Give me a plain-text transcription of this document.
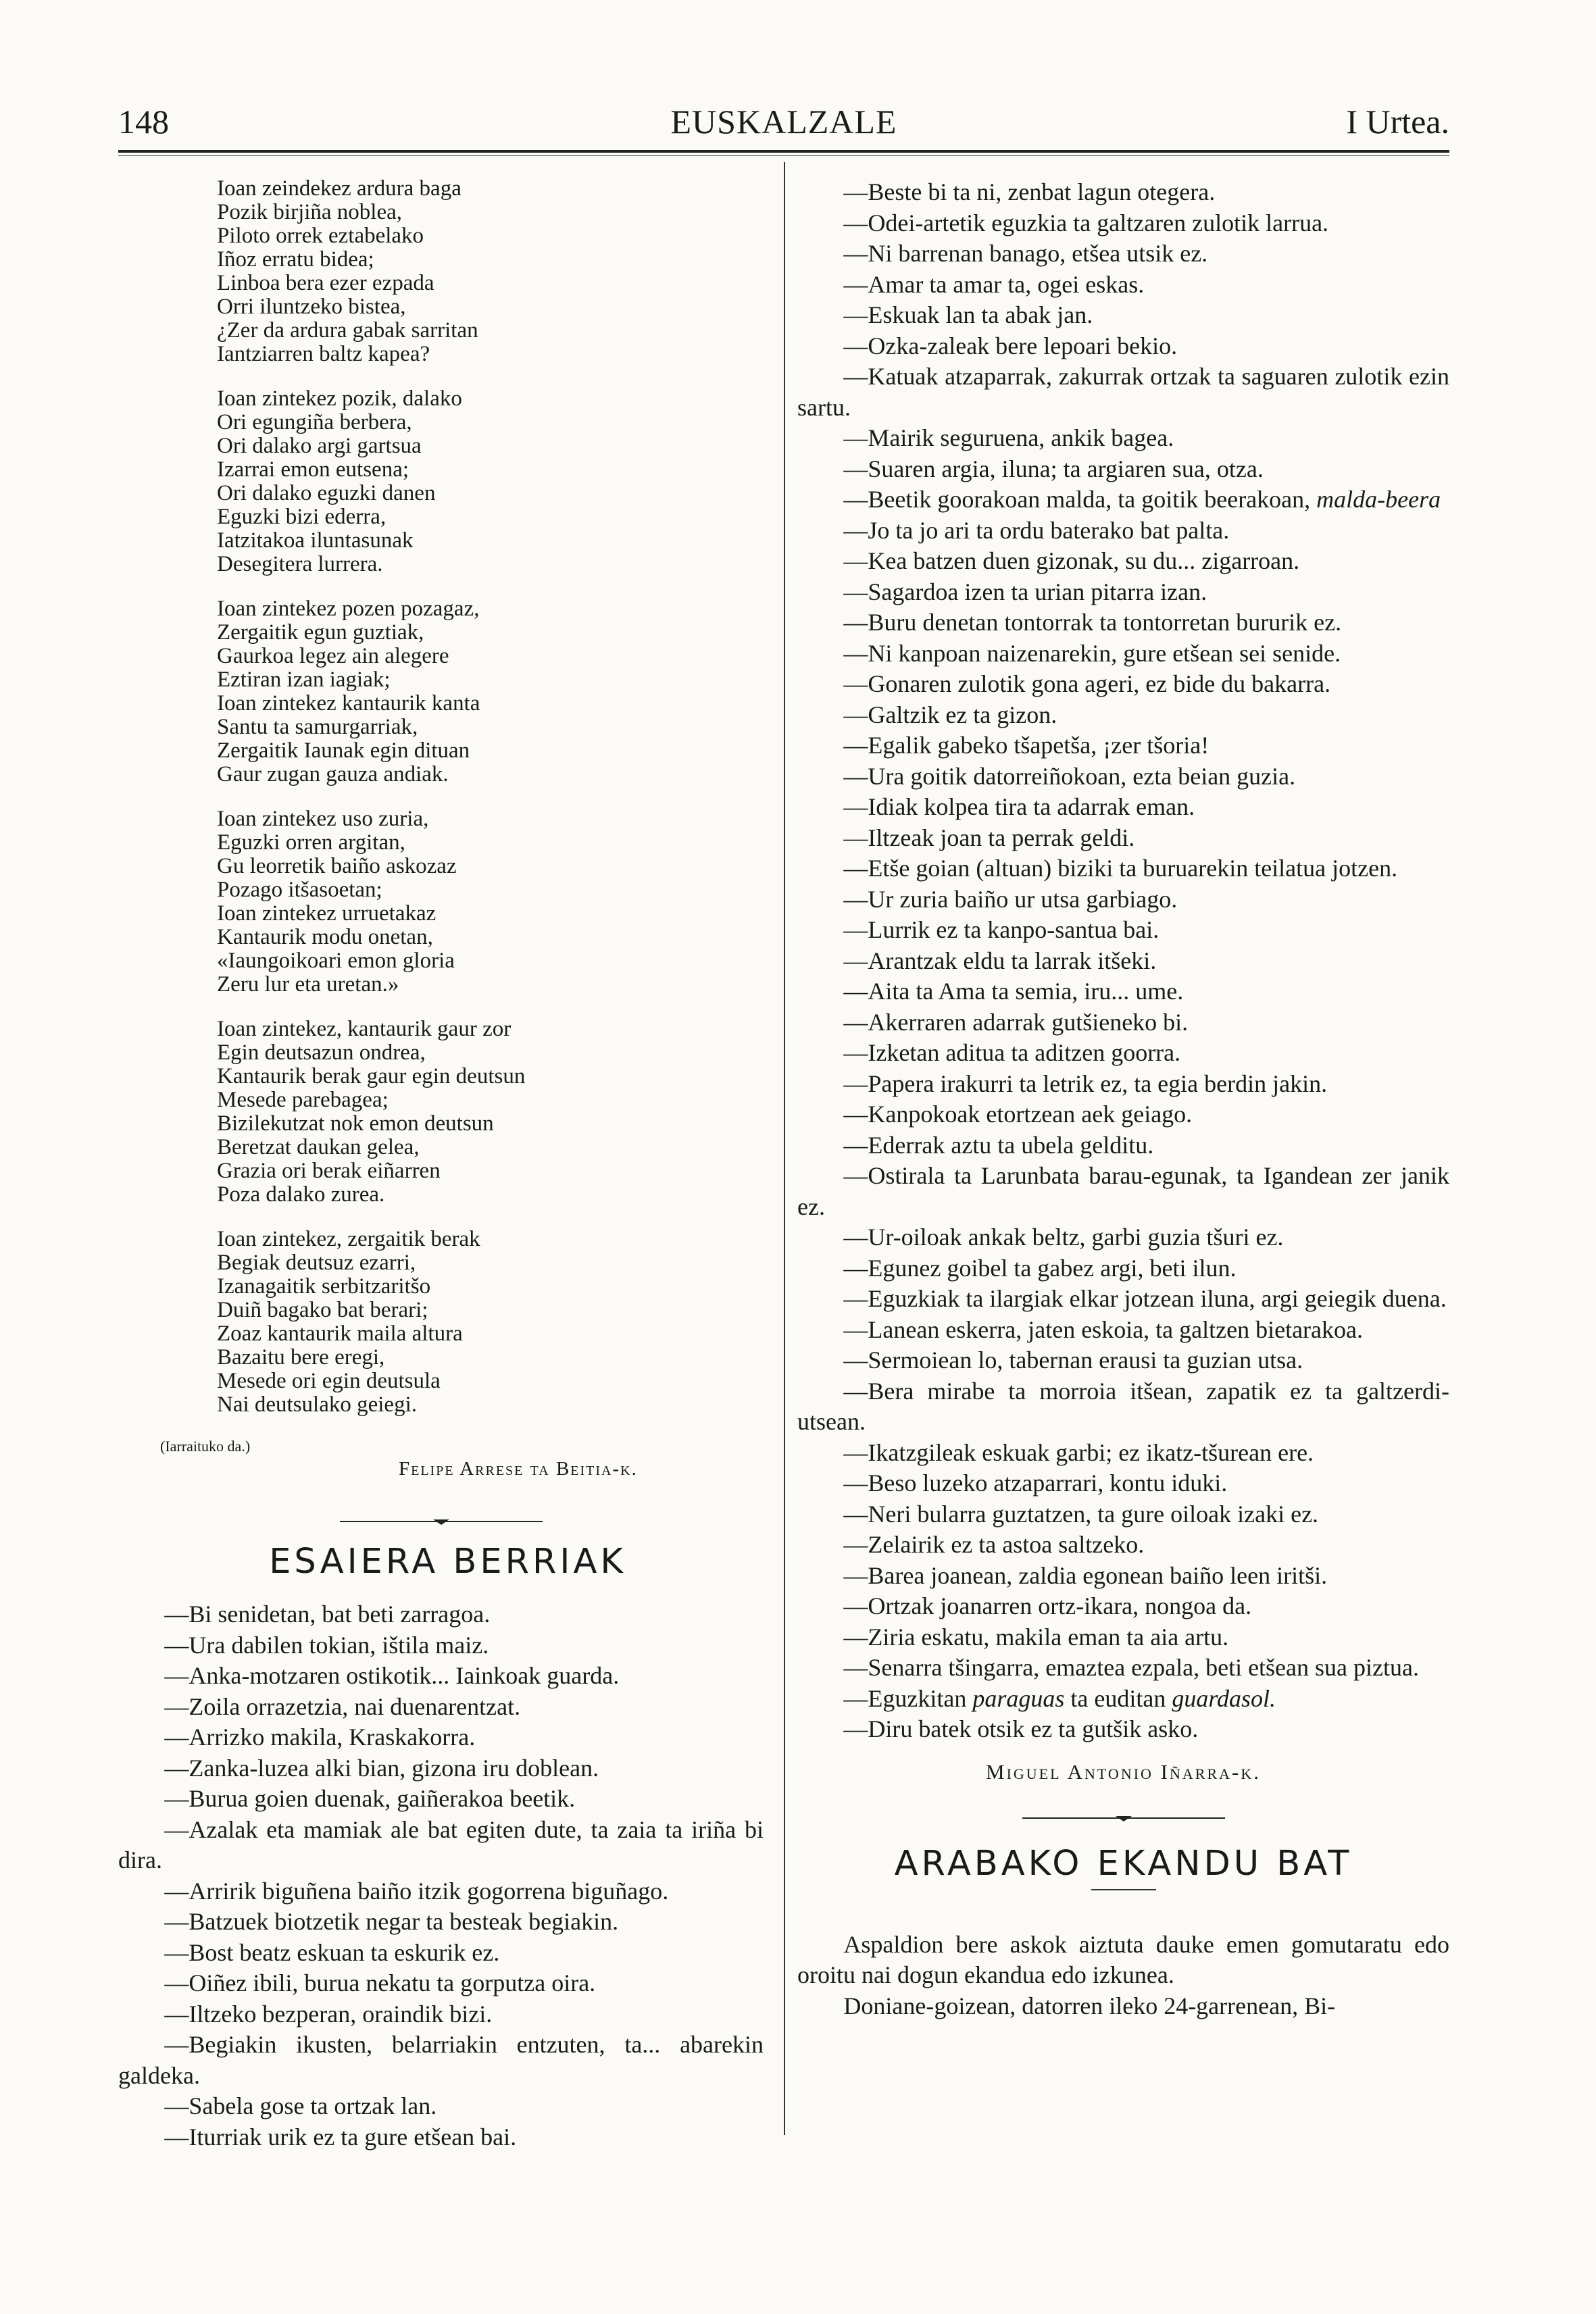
148	EUSKALZALE	I Urtea.
Ioan zeindekez ardura baga
Pozik birjiña noblea,
Piloto orrek eztabelako
Iñoz erratu bidea;
Linboa bera ezer ezpada
Orri iluntzeko bistea,
¿Zer da ardura gabak sarritan
Iantziarren baltz kapea?
Ioan zintekez pozik, dalako
Ori egungiña berbera,
Ori dalako argi gartsua
Izarrai emon eutsena;
Ori dalako eguzki danen
Eguzki bizi ederra,
Iatzitakoa iluntasunak
Desegitera lurrera.
Ioan zintekez pozen pozagaz,
Zergaitik egun guztiak,
Gaurkoa legez ain alegere
Eztiran izan iagiak;
Ioan zintekez kantaurik kanta
Santu ta samurgarriak,
Zergaitik Iaunak egin dituan
Gaur zugan gauza andiak.
Ioan zintekez uso zuria,
Eguzki orren argitan,
Gu leorretik baiño askozaz
Pozago itšasoetan;
Ioan zintekez urruetakaz
Kantaurik modu onetan,
«Iaungoikoari emon gloria
Zeru lur eta uretan.»
Ioan zintekez, kantaurik gaur zor
Egin deutsazun ondrea,
Kantaurik berak gaur egin deutsun
Mesede parebagea;
Bizilekutzat nok emon deutsun
Beretzat daukan gelea,
Grazia ori berak eiñarren
Poza dalako zurea.
Ioan zintekez, zergaitik berak
Begiak deutsuz ezarri,
Izanagaitik serbitzaritšo
Duiñ bagako bat berari;
Zoaz kantaurik maila altura
Bazaitu bere eregi,
Mesede ori egin deutsula
Nai deutsulako geiegi.
(Iarraituko da.)
Felipe Arrese ta Beitia-k.
ESAIERA BERRIAK
—Bi senidetan, bat beti zarragoa.
—Ura dabilen tokian, ištila maiz.
—Anka-motzaren ostikotik... Iainkoak guarda.
—Zoila orrazetzia, nai duenarentzat.
—Arrizko makila, Kraskakorra.
—Zanka-luzea alki bian, gizona iru doblean.
—Burua goien duenak, gaiñerakoa beetik.
—Azalak eta mamiak ale bat egiten dute, ta zaia ta iriña bi dira.
—Arririk biguñena baiño itzik gogorrena biguñago.
—Batzuek biotzetik negar ta besteak begiakin.
—Bost beatz eskuan ta eskurik ez.
—Oiñez ibili, burua nekatu ta gorputza oira.
—Iltzeko bezperan, oraindik bizi.
—Begiakin ikusten, belarriakin entzuten, ta... abarekin galdeka.
—Sabela gose ta ortzak lan.
—Iturriak urik ez ta gure etšean bai.
—Beste bi ta ni, zenbat lagun otegera.
—Odei-artetik eguzkia ta galtzaren zulotik larrua.
—Ni barrenan banago, etšea utsik ez.
—Amar ta amar ta, ogei eskas.
—Eskuak lan ta abak jan.
—Ozka-zaleak bere lepoari bekio.
—Katuak atzaparrak, zakurrak ortzak ta saguaren zulotik ezin sartu.
—Mairik seguruena, ankik bagea.
—Suaren argia, iluna; ta argiaren sua, otza.
—Beetik goorakoan malda, ta goitik beerakoan, malda-beera
—Jo ta jo ari ta ordu baterako bat palta.
—Kea batzen duen gizonak, su du... zigarroan.
—Sagardoa izen ta urian pitarra izan.
—Buru denetan tontorrak ta tontorretan bururik ez.
—Ni kanpoan naizenarekin, gure etšean sei senide.
—Gonaren zulotik gona ageri, ez bide du bakarra.
—Galtzik ez ta gizon.
—Egalik gabeko tšapetša, ¡zer tšoria!
—Ura goitik datorreiñokoan, ezta beian guzia.
—Idiak kolpea tira ta adarrak eman.
—Iltzeak joan ta perrak geldi.
—Etše goian (altuan) biziki ta buruarekin teilatua jotzen.
—Ur zuria baiño ur utsa garbiago.
—Lurrik ez ta kanpo-santua bai.
—Arantzak eldu ta larrak itšeki.
—Aita ta Ama ta semia, iru... ume.
—Akerraren adarrak gutšieneko bi.
—Izketan aditua ta aditzen goorra.
—Papera irakurri ta letrik ez, ta egia berdin jakin.
—Kanpokoak etortzean aek geiago.
—Ederrak aztu ta ubela gelditu.
—Ostirala ta Larunbata barau-egunak, ta Igandean zer janik ez.
—Ur-oiloak ankak beltz, garbi guzia tšuri ez.
—Egunez goibel ta gabez argi, beti ilun.
—Eguzkiak ta ilargiak elkar jotzean iluna, argi geiegik duena.
—Lanean eskerra, jaten eskoia, ta galtzen bietarakoa.
—Sermoiean lo, tabernan erausi ta guzian utsa.
—Bera mirabe ta morroia itšean, zapatik ez ta galtzerdi-utsean.
—Ikatzgileak eskuak garbi; ez ikatz-tšurean ere.
—Beso luzeko atzaparrari, kontu iduki.
—Neri bularra guztatzen, ta gure oiloak izaki ez.
—Zelairik ez ta astoa saltzeko.
—Barea joanean, zaldia egonean baiño leen iritši.
—Ortzak joanarren ortz-ikara, nongoa da.
—Ziria eskatu, makila eman ta aia artu.
—Senarra tšingarra, emaztea ezpala, beti etšean sua piztua.
—Eguzkitan paraguas ta euditan guardasol.
—Diru batek otsik ez ta gutšik asko.
Miguel Antonio Iñarra-k.
ARABAKO EKANDU BAT
Aspaldion bere askok aiztuta dauke emen gomutaratu edo oroitu nai dogun ekandua edo izkunea.
Doniane-goizean, datorren ileko 24-garrenean, Bi-
